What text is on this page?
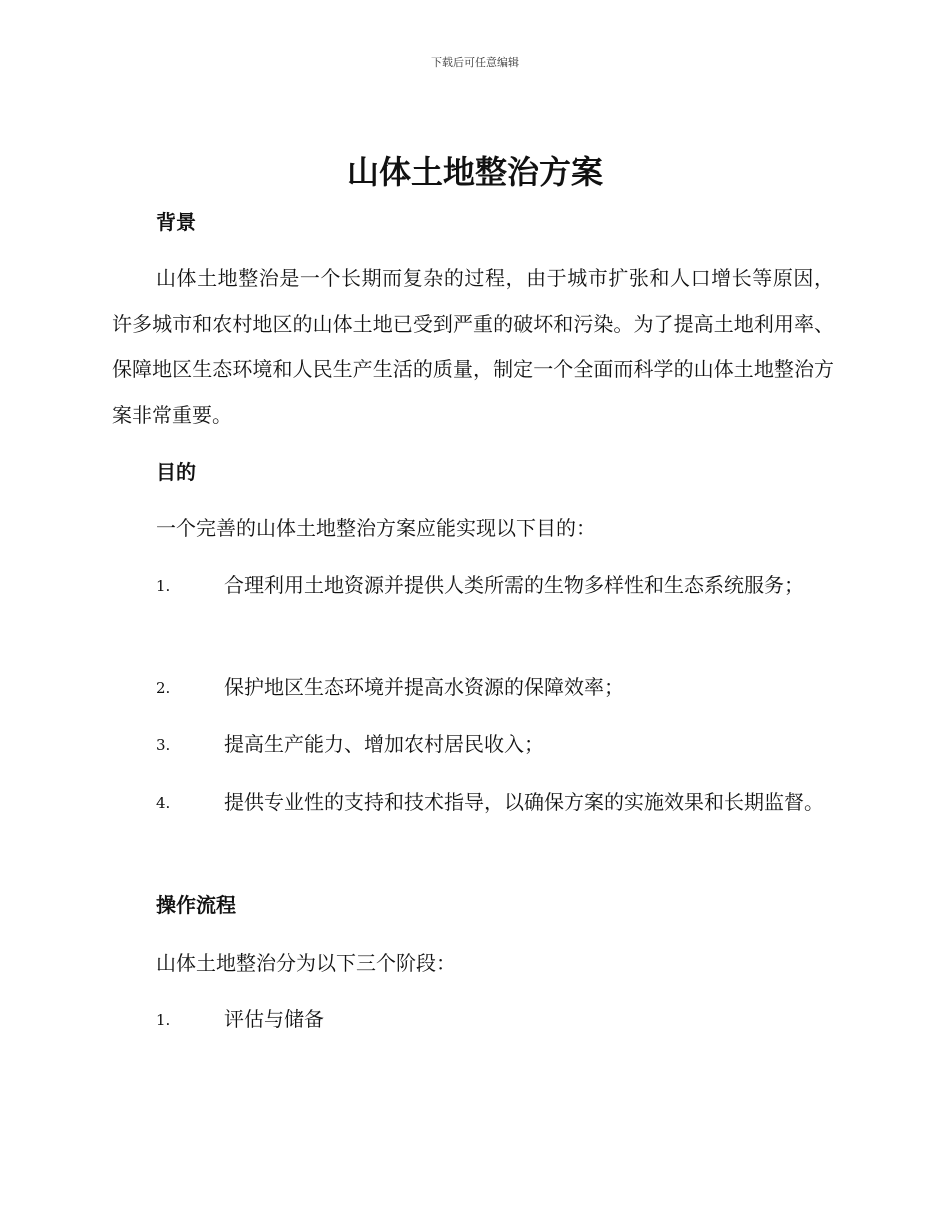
下载后可任意编辑
山体土地整治方案
背景
山体土地整治是一个长期而复杂的过程，由于城市扩张和人口增长等原因，许多城市和农村地区的山体土地已受到严重的破坏和污染。为了提高土地利用率、保障地区生态环境和人民生产生活的质量，制定一个全面而科学的山体土地整治方案非常重要。
目的
一个完善的山体土地整治方案应能实现以下目的：
1.	合理利用土地资源并提供人类所需的生物多样性和生态系统服务；
2.	保护地区生态环境并提高水资源的保障效率；
3.	提高生产能力、增加农村居民收入；
4.	提供专业性的支持和技术指导，以确保方案的实施效果和长期监督。
操作流程
山体土地整治分为以下三个阶段：
1.	评估与储备
